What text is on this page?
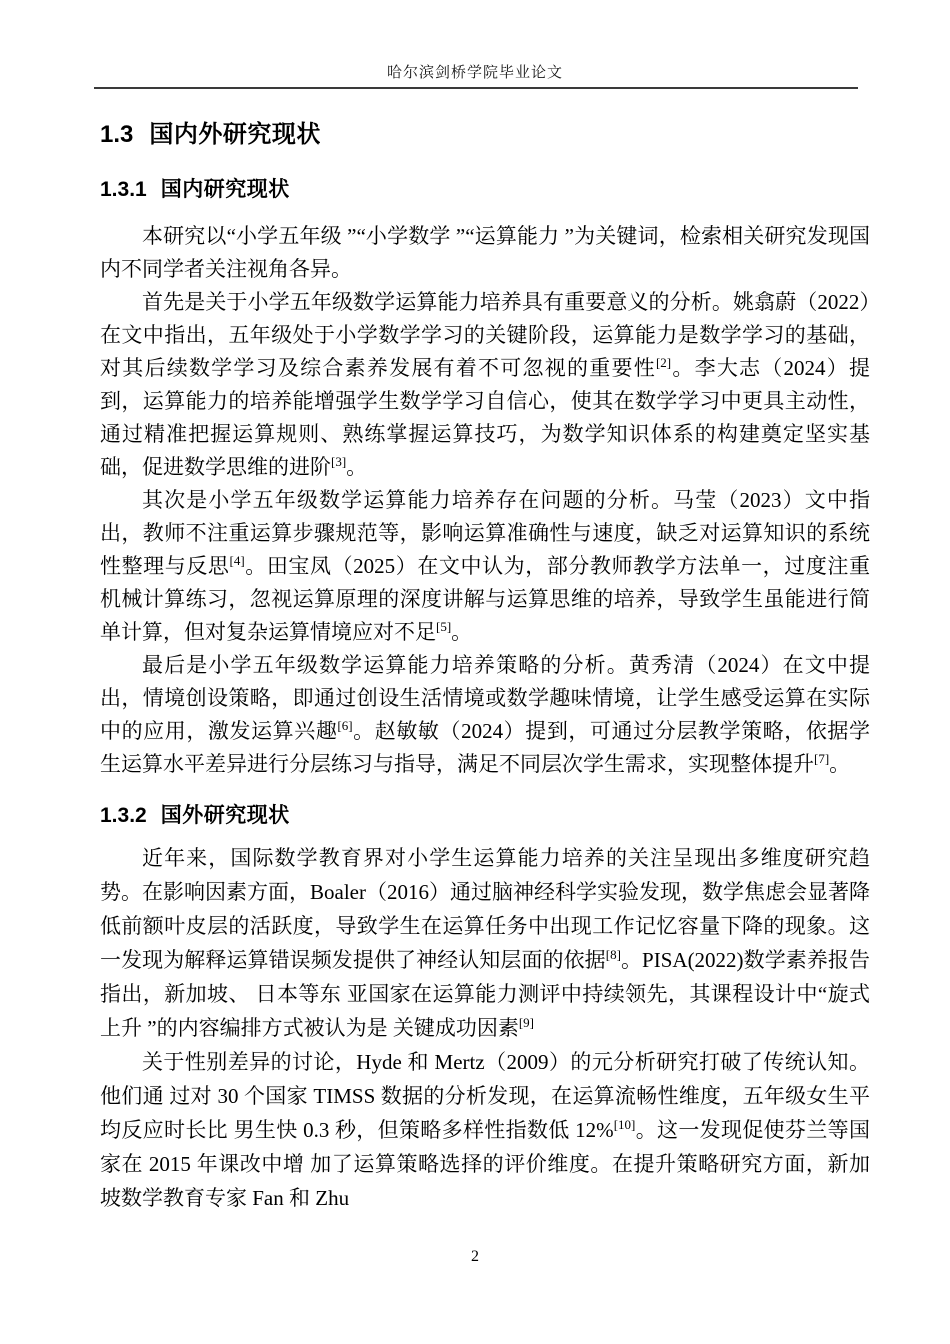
哈尔滨剑桥学院毕业论文
1.3 国内外研究现状
1.3.1 国内研究现状

本研究以“小学五年级 ”“小学数学 ”“运算能力 ”为关键词，检索相关研究发现国 内不同学者关注视角各异。

首先是关于小学五年级数学运算能力培养具有重要意义的分析。姚翕蔚（2022）在文中指出，五年级处于小学数学学习的关键阶段，运算能力是数学学习的基础，对其后续数学学习及综合素养发展有着不可忽视的重要性[2]。李大志（2024）提到，运算能力的培养能增强学生数学学习自信心，使其在数学学习中更具主动性，通过精准把握运算规则、熟练掌握运算技巧，为数学知识体系的构建奠定坚实基础，促进数学思维的进阶[3]。

其次是小学五年级数学运算能力培养存在问题的分析。马莹（2023）文中指出，教师不注重运算步骤规范等，影响运算准确性与速度，缺乏对运算知识的系统性整理与反思[4]。田宝凤（2025）在文中认为，部分教师教学方法单一，过度注重机械计算练习，忽视运算原理的深度讲解与运算思维的培养，导致学生虽能进行简单计算，但对复杂运算情境应对不足[5]。

最后是小学五年级数学运算能力培养策略的分析。黄秀清（2024）在文中提出，情境创设策略，即通过创设生活情境或数学趣味情境，让学生感受运算在实际中的应用，激发运算兴趣[6]。赵敏敏（2024）提到，可通过分层教学策略，依据学生运算水平差异进行分层练习与指导，满足不同层次学生需求，实现整体提升[7]。

1.3.2 国外研究现状

近年来，国际数学教育界对小学生运算能力培养的关注呈现出多维度研究趋势。在影响因素方面，Boaler（2016）通过脑神经科学实验发现，数学焦虑会显著降低前额叶皮层的活跃度，导致学生在运算任务中出现工作记忆容量下降的现象。这一发现为解释运算错误频发提供了神经认知层面的依据[8]。PISA(2022)数学素养报告指出，新加坡、 日本等东 亚国家在运算能力测评中持续领先，其课程设计中“旋式上升 ”的内容编排方式被认为是 关键成功因素[9]

关于性别差异的讨论，Hyde 和 Mertz（2009）的元分析研究打破了传统认知。他们通 过对 30 个国家 TIMSS 数据的分析发现，在运算流畅性维度，五年级女生平均反应时长比 男生快 0.3 秒，但策略多样性指数低 12%[10]。这一发现促使芬兰等国家在 2015 年课改中增 加了运算策略选择的评价维度。在提升策略研究方面，新加坡数学教育专家 Fan 和 Zhu

2
